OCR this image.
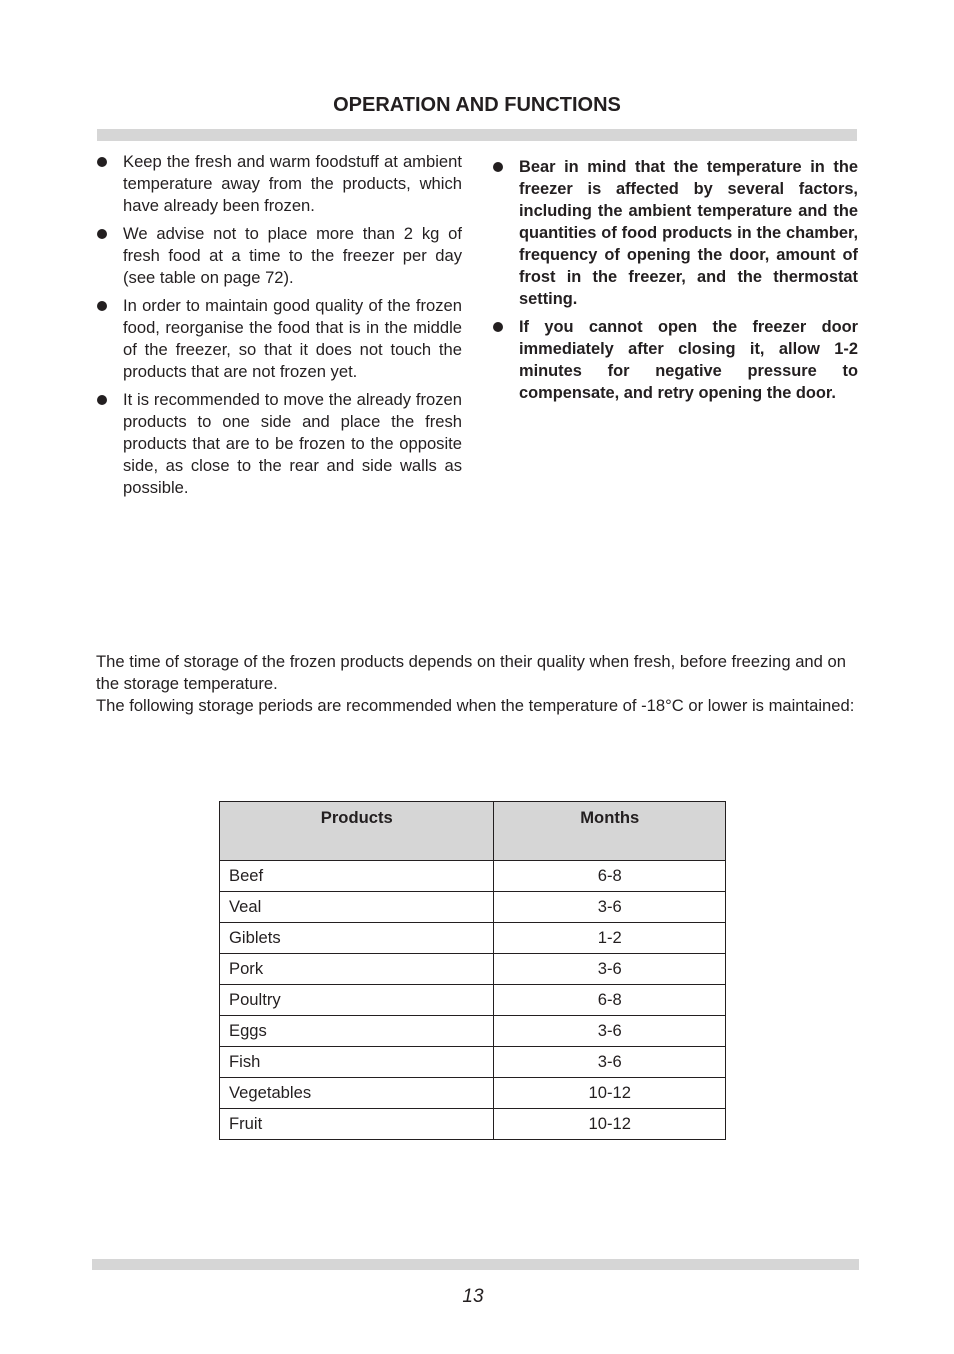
OPERATION AND FUNCTIONS
Keep the fresh and warm foodstuff at ambient temperature away from the products, which have already been frozen.
We advise not to place more than 2 kg of fresh food at a time to the freezer per day (see table on page 72).
In order to maintain good quality of the frozen food, reorganise the food that is in the middle of the freezer, so that it does not touch the products that are not frozen yet.
It is recommended to move the already frozen products to one side and place the fresh products that are to be frozen to the opposite side, as close to the rear and side walls as possible.
Bear in mind that the temperature in the freezer is affected by several factors, including the ambient temperature and the quantities of food products in the chamber, frequency of opening the door, amount of frost in the freezer, and the thermostat setting.
If you cannot open the freezer door immediately after closing it, allow 1-2 minutes for negative pressure to compensate, and retry opening the door.

The time of storage of the frozen products depends on their quality when fresh, before freezing and on the storage temperature.

The following storage periods are recommended when the temperature of -18°C or lower is maintained:

Products	Months
Beef	6-8
Veal	3-6
Giblets	1-2
Pork	3-6
Poultry	6-8
Eggs	3-6
Fish	3-6
Vegetables	10-12
Fruit	10-12
13
